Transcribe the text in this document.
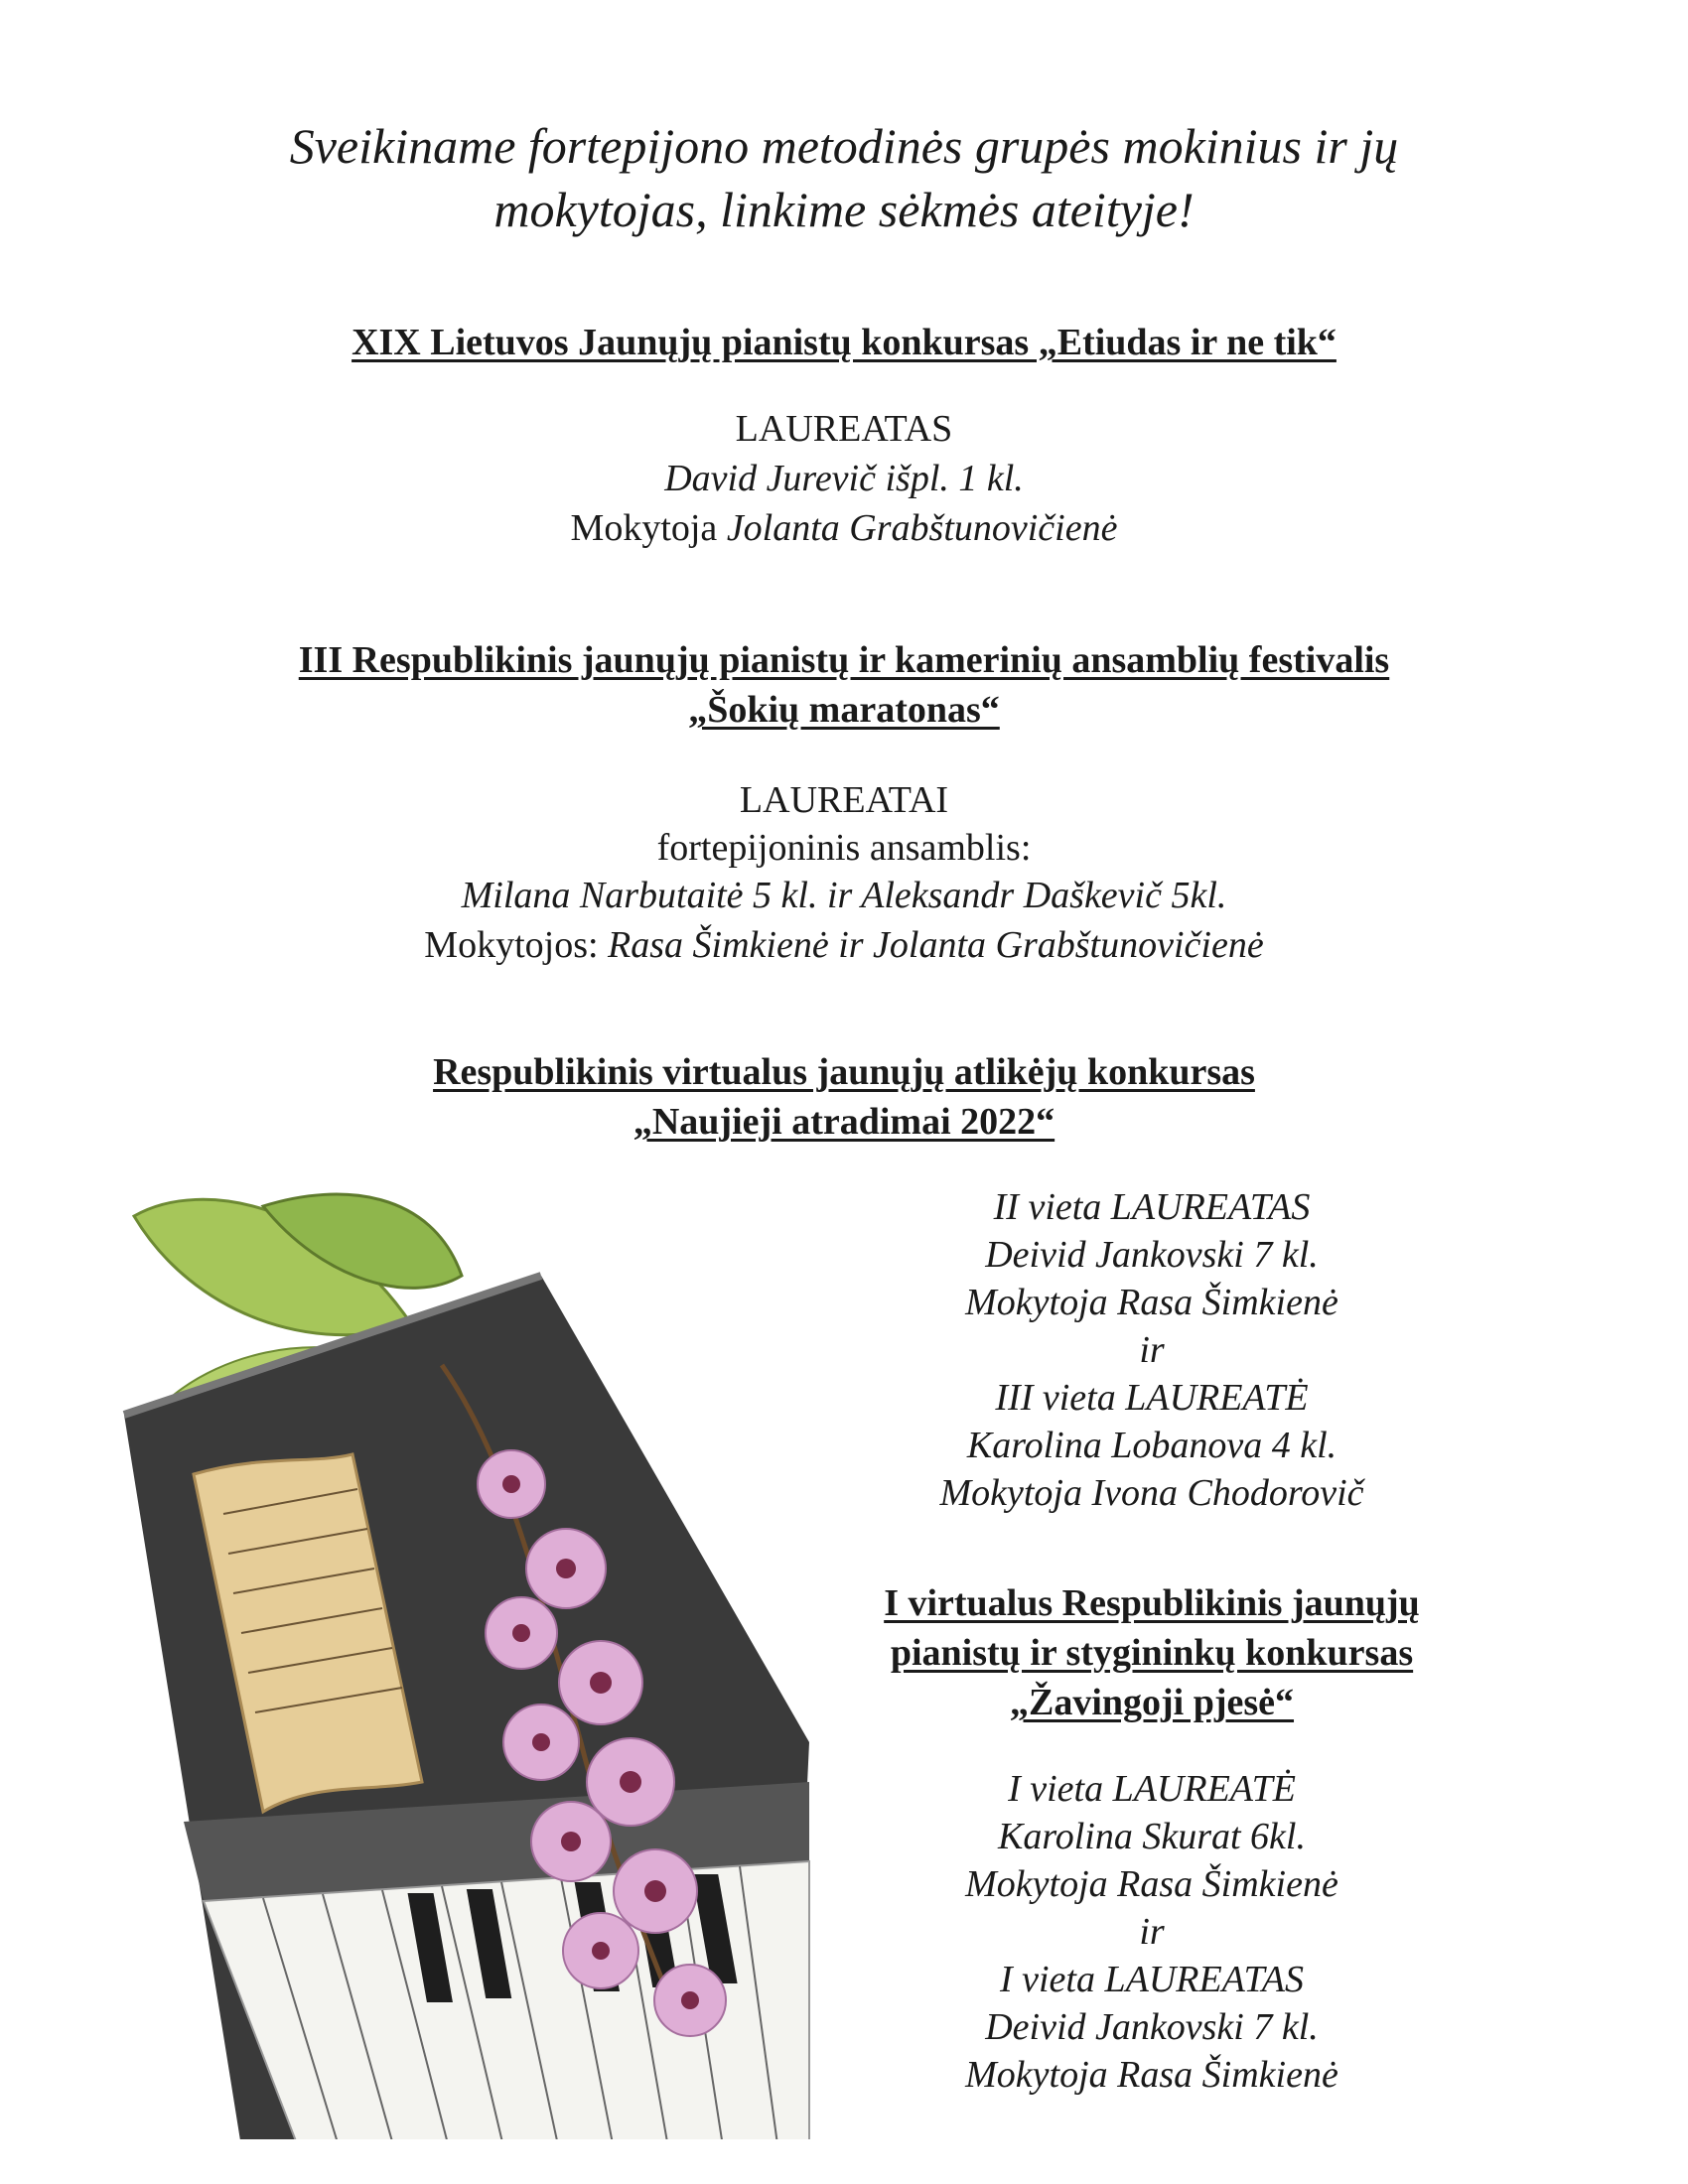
Sveikiname fortepijono metodinės grupės mokinius ir jų
mokytojas, linkime sėkmės ateityje!
XIX Lietuvos Jaunųjų pianistų konkursas „Etiudas ir ne tik“
LAUREATAS
David Jurevič išpl. 1 kl.
Mokytoja Jolanta Grabštunovičienė
III Respublikinis jaunųjų pianistų ir kamerinių ansamblių festivalis
„Šokių maratonas“
LAUREATAI
fortepijoninis ansamblis:
Milana Narbutaitė 5 kl. ir Aleksandr Daškevič 5kl.
Mokytojos: Rasa Šimkienė ir Jolanta Grabštunovičienė
Respublikinis virtualus jaunųjų atlikėjų konkursas
„Naujieji atradimai 2022“
II vieta LAUREATAS
Deivid Jankovski 7 kl.
Mokytoja Rasa Šimkienė
ir
III vieta LAUREATĖ
Karolina Lobanova 4 kl.
Mokytoja Ivona Chodorovič
I virtualus Respublikinis jaunųjų
pianistų ir stygininkų konkursas
„Žavingoji pjesė“
I vieta LAUREATĖ
Karolina Skurat 6kl.
Mokytoja Rasa Šimkienė
ir
I vieta LAUREATAS
Deivid Jankovski 7 kl.
Mokytoja Rasa Šimkienė
